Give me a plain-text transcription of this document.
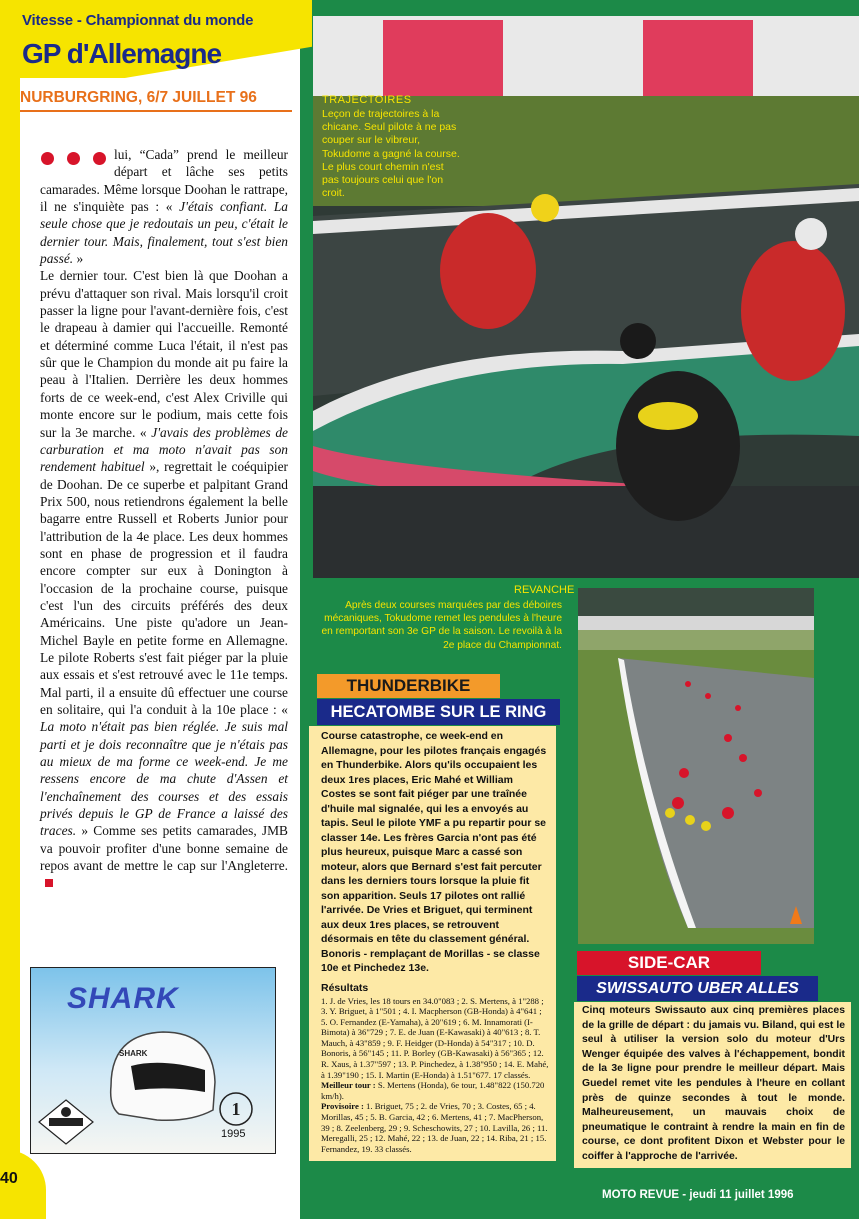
Vitesse - Championnat du monde
GP d'Allemagne
NURBURGRING, 6/7 JUILLET 96

lui, “Cada” prend le meilleur départ et lâche ses petits camarades. Même lorsque Doohan le rattrape, il ne s'inquiète pas : « J'étais confiant. La seule chose que je redoutais un peu, c'était le dernier tour. Mais, finalement, tout s'est bien passé. »

Le dernier tour. C'est bien là que Doohan a prévu d'attaquer son rival. Mais lorsqu'il croit passer la ligne pour l'avant-dernière fois, c'est le drapeau à damier qui l'accueille. Remonté et déterminé comme Luca l'était, il n'est pas sûr que le Champion du monde ait pu faire la peau à l'Italien. Derrière les deux hommes forts de ce week-end, c'est Alex Criville qui monte encore sur le podium, mais cette fois sur la 3e marche. « J'avais des problèmes de carburation et ma moto n'avait pas son rendement habituel », regrettait le coéquipier de Doohan. De ce superbe et palpitant Grand Prix 500, nous retiendrons également la belle bagarre entre Russell et Roberts Junior pour l'attribution de la 4e place. Les deux hommes sont en phase de progression et il faudra encore compter sur eux à Donington à l'occasion de la prochaine course, puisque c'est l'un des circuits préférés des deux Américains. Une piste qu'adore un Jean-Michel Bayle en petite forme en Allemagne. Le pilote Roberts s'est fait piéger par la pluie aux essais et s'est retrouvé avec le 11e temps. Mal parti, il a ensuite dû effectuer une course en solitaire, qui l'a conduit à la 10e place : « La moto n'était pas bien réglée. Je suis mal parti et je dois reconnaître que je n'étais pas au mieux de ma forme ce week-end. Je me ressens encore de ma chute d'Assen et l'enchaînement des courses et des essais privés depuis le GP de France a laissé des traces. » Comme ses petits camarades, JMB va pouvoir profiter d'une bonne semaine de repos avant de mettre le cap sur l'Angleterre.

SHARK
SHARK
1
1995
TRAJECTOIRES
Leçon de trajectoires à la chicane. Seul pilote à ne pas couper sur le vibreur, Tokudome a gagné la course. Le plus court chemin n'est pas toujours celui que l'on croit.
REVANCHE
Après deux courses marquées par des déboires mécaniques, Tokudome remet les pendules à l'heure en remportant son 3e GP de la saison. Le revoilà à la 2e place du Championnat.
THUNDERBIKE
HECATOMBE SUR LE RING
Course catastrophe, ce week-end en Allemagne, pour les pilotes français engagés en Thunderbike. Alors qu'ils occupaient les deux 1res places, Eric Mahé et William Costes se sont fait piéger par une traînée d'huile mal signalée, qui les a envoyés au tapis. Seul le pilote YMF a pu repartir pour se classer 14e. Les frères Garcia n'ont pas été plus heureux, puisque Marc a cassé son moteur, alors que Bernard s'est fait percuter dans les derniers tours lorsque la pluie fit son apparition. Seuls 17 pilotes ont rallié l'arrivée. De Vries et Briguet, qui terminent aux deux 1res places, se retrouvent désormais en tête du classement général. Bonoris - remplaçant de Morillas - se classe 10e et Pinchedez 13e.
Résultats
1. J. de Vries, les 18 tours en 34.0"083 ; 2. S. Mertens, à 1"288 ; 3. Y. Briguet, à 1"501 ; 4. I. Macpherson (GB-Honda) à 4"641 ; 5. O. Fernandez (E-Yamaha), à 20"619 ; 6. M. Innamorati (I-Bimota) à 36"729 ; 7. E. de Juan (E-Kawasaki) à 40"613 ; 8. T. Mauch, à 43"859 ; 9. F. Heidger (D-Honda) à 54"317 ; 10. D. Bonoris, à 56"145 ; 11. P. Borley (GB-Kawasaki) à 56"365 ; 12. R. Xaus, à 1.37"597 ; 13. P. Pinchedez, à 1.38"950 ; 14. E. Mahé, à 1.39"190 ; 15. I. Martin (E-Honda) à 1.51"677. 17 classés.
Meilleur tour : S. Mertens (Honda), 6e tour, 1.48"822 (150.720 km/h).
Provisoire : 1. Briguet, 75 ; 2. de Vries, 70 ; 3. Costes, 65 ; 4. Morillas, 45 ; 5. B. Garcia, 42 ; 6. Mertens, 41 ; 7. MacPherson, 39 ; 8. Zeelenberg, 29 ; 9. Scheschowits, 27 ; 10. Lavilla, 26 ; 11. Meregalli, 25 ; 12. Mahé, 22 ; 13. de Juan, 22 ; 14. Riba, 21 ; 15. Fernandez, 19. 33 classés.
SIDE-CAR
SWISSAUTO UBER ALLES
Cinq moteurs Swissauto aux cinq premières places de la grille de départ : du jamais vu. Biland, qui est le seul à utiliser la version solo du moteur d'Urs Wenger équipée des valves à l'échappement, bondit de la 3e ligne pour prendre le meilleur départ. Mais Guedel remet vite les pendules à l'heure en collant près de quinze secondes à tout le monde. Malheureusement, un mauvais choix de pneumatique le contraint à rendre la main en fin de course, ce dont profitent Dixon et Webster pour le coiffer à l'approche de l'arrivée.
MOTO REVUE - jeudi 11 juillet 1996
40
